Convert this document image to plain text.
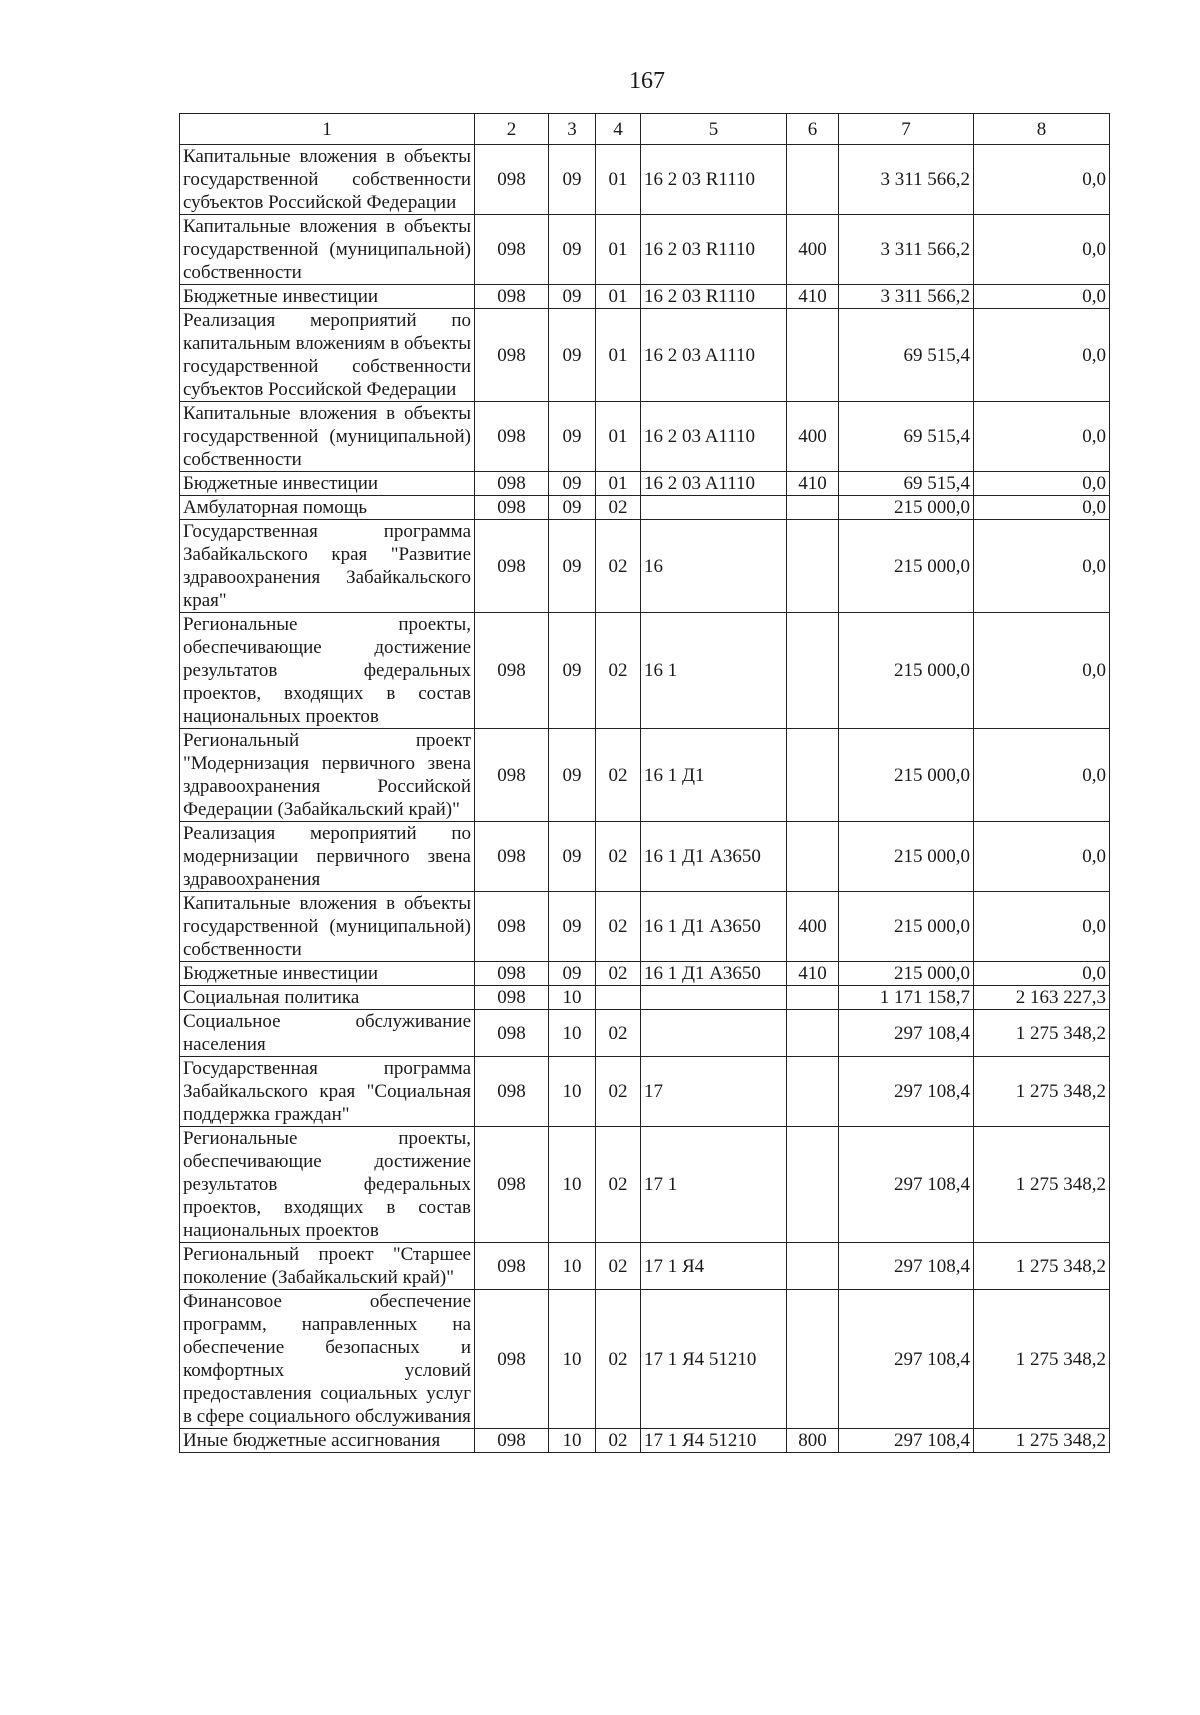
167
1	2	3	4	5	6	7	8
Капитальные вложения в объекты государственной собственности субъектов Российской Федерации	098	09	01	16 2 03 R1110		3 311 566,2	0,0
Капитальные вложения в объекты государственной (муниципальной) собственности	098	09	01	16 2 03 R1110	400	3 311 566,2	0,0
Бюджетные инвестиции	098	09	01	16 2 03 R1110	410	3 311 566,2	0,0
Реализация мероприятий по капитальным вложениям в объекты государственной собственности субъектов Российской Федерации	098	09	01	16 2 03 A1110		69 515,4	0,0
Капитальные вложения в объекты государственной (муниципальной) собственности	098	09	01	16 2 03 A1110	400	69 515,4	0,0
Бюджетные инвестиции	098	09	01	16 2 03 A1110	410	69 515,4	0,0
Амбулаторная помощь	098	09	02			215 000,0	0,0
Государственная программа Забайкальского края "Развитие здравоохранения Забайкальского края"	098	09	02	16		215 000,0	0,0
Региональные проекты, обеспечивающие достижение результатов федеральных проектов, входящих в состав национальных проектов	098	09	02	16 1		215 000,0	0,0
Региональный проект "Модернизация первичного звена здравоохранения Российской Федерации (Забайкальский край)"	098	09	02	16 1 Д1		215 000,0	0,0
Реализация мероприятий по модернизации первичного звена здравоохранения	098	09	02	16 1 Д1 A3650		215 000,0	0,0
Капитальные вложения в объекты государственной (муниципальной) собственности	098	09	02	16 1 Д1 A3650	400	215 000,0	0,0
Бюджетные инвестиции	098	09	02	16 1 Д1 A3650	410	215 000,0	0,0
Социальная политика	098	10				1 171 158,7	2 163 227,3
Социальное обслуживание населения	098	10	02			297 108,4	1 275 348,2
Государственная программа Забайкальского края "Социальная поддержка граждан"	098	10	02	17		297 108,4	1 275 348,2
Региональные проекты, обеспечивающие достижение результатов федеральных проектов, входящих в состав национальных проектов	098	10	02	17 1		297 108,4	1 275 348,2
Региональный проект "Старшее поколение (Забайкальский край)"	098	10	02	17 1 Я4		297 108,4	1 275 348,2
Финансовое обеспечение программ, направленных на обеспечение безопасных и комфортных условий предоставления социальных услуг в сфере социального обслуживания	098	10	02	17 1 Я4 51210		297 108,4	1 275 348,2
Иные бюджетные ассигнования	098	10	02	17 1 Я4 51210	800	297 108,4	1 275 348,2
